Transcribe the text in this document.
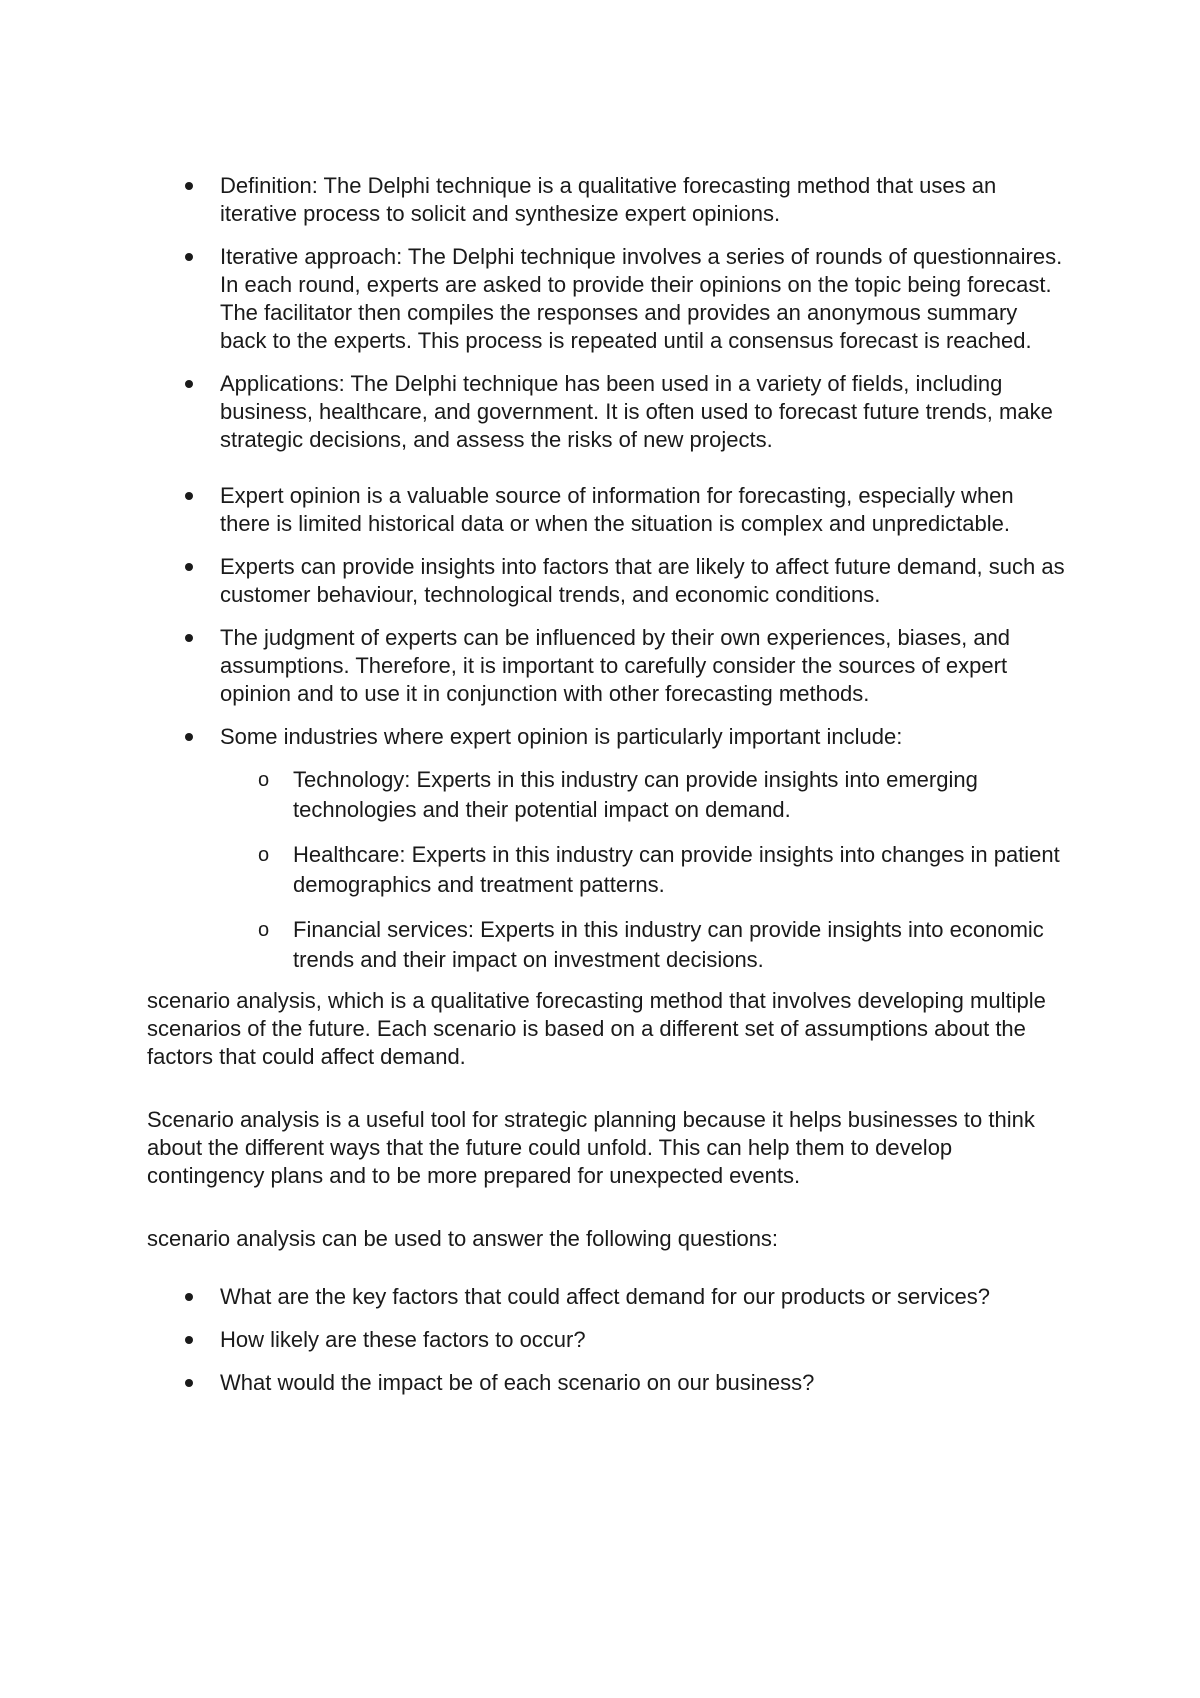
Definition: The Delphi technique is a qualitative forecasting method that uses an iterative process to solicit and synthesize expert opinions.
Iterative approach: The Delphi technique involves a series of rounds of questionnaires. In each round, experts are asked to provide their opinions on the topic being forecast. The facilitator then compiles the responses and provides an anonymous summary back to the experts. This process is repeated until a consensus forecast is reached.
Applications: The Delphi technique has been used in a variety of fields, including business, healthcare, and government. It is often used to forecast future trends, make strategic decisions, and assess the risks of new projects.
Expert opinion is a valuable source of information for forecasting, especially when there is limited historical data or when the situation is complex and unpredictable.
Experts can provide insights into factors that are likely to affect future demand, such as customer behaviour, technological trends, and economic conditions.
The judgment of experts can be influenced by their own experiences, biases, and assumptions. Therefore, it is important to carefully consider the sources of expert opinion and to use it in conjunction with other forecasting methods.
Some industries where expert opinion is particularly important include:
o Technology: Experts in this industry can provide insights into emerging technologies and their potential impact on demand.
o Healthcare: Experts in this industry can provide insights into changes in patient demographics and treatment patterns.
o Financial services: Experts in this industry can provide insights into economic trends and their impact on investment decisions.

scenario analysis, which is a qualitative forecasting method that involves developing multiple scenarios of the future. Each scenario is based on a different set of assumptions about the factors that could affect demand.

Scenario analysis is a useful tool for strategic planning because it helps businesses to think about the different ways that the future could unfold. This can help them to develop contingency plans and to be more prepared for unexpected events.

scenario analysis can be used to answer the following questions:

What are the key factors that could affect demand for our products or services?
How likely are these factors to occur?
What would the impact be of each scenario on our business?
